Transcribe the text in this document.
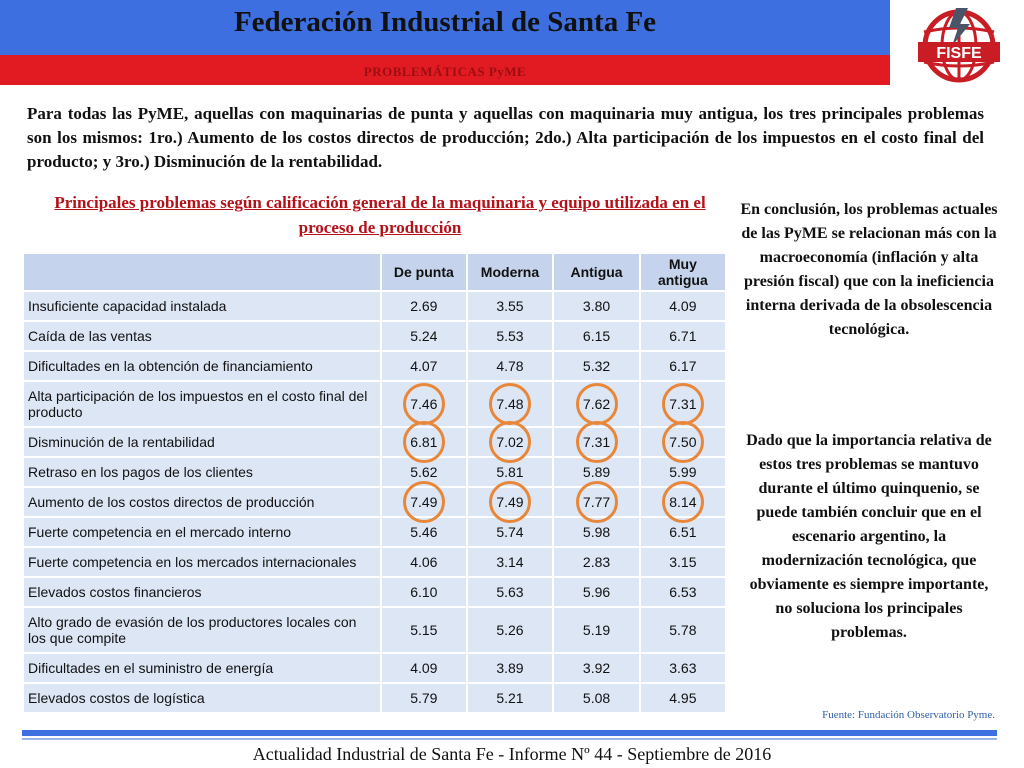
Federación Industrial de Santa Fe
PROBLEMÁTICAS PyME
FISFE
Para todas las PyME, aquellas con maquinarias de punta y aquellas con maquinaria muy antigua, los tres principales problemas son los mismos: 1ro.) Aumento de los costos directos de producción; 2do.) Alta participación de los impuestos en el costo final del producto; y 3ro.) Disminución de la rentabilidad.
Principales problemas según calificación general de la maquinaria y equipo utilizada en el proceso de producción
	De punta	Moderna	Antigua	Muy antigua
Insuficiente capacidad instalada	2.69	3.55	3.80	4.09
Caída de las ventas	5.24	5.53	6.15	6.71
Dificultades en la obtención de financiamiento	4.07	4.78	5.32	6.17
Alta participación de los impuestos en el costo final del producto	7.46	7.48	7.62	7.31
Disminución de la rentabilidad	6.81	7.02	7.31	7.50
Retraso en los pagos de los clientes	5.62	5.81	5.89	5.99
Aumento de los costos directos de producción	7.49	7.49	7.77	8.14
Fuerte competencia en el mercado interno	5.46	5.74	5.98	6.51
Fuerte competencia en los mercados internacionales	4.06	3.14	2.83	3.15
Elevados costos financieros	6.10	5.63	5.96	6.53
Alto grado de evasión de los productores locales con los que compite	5.15	5.26	5.19	5.78
Dificultades en el suministro de energía	4.09	3.89	3.92	3.63
Elevados costos de logística	5.79	5.21	5.08	4.95
En conclusión, los problemas actuales de las PyME se relacionan más con la macroeconomía (inflación y alta presión fiscal) que con la ineficiencia interna derivada de la obsolescencia tecnológica.
Dado que la importancia relativa de estos tres problemas se mantuvo durante el último quinquenio, se puede también concluir que en el escenario argentino, la modernización tecnológica, que obviamente es siempre importante, no soluciona los principales problemas.
Fuente: Fundación Observatorio Pyme.
Actualidad Industrial de Santa Fe - Informe Nº 44 - Septiembre de 2016
